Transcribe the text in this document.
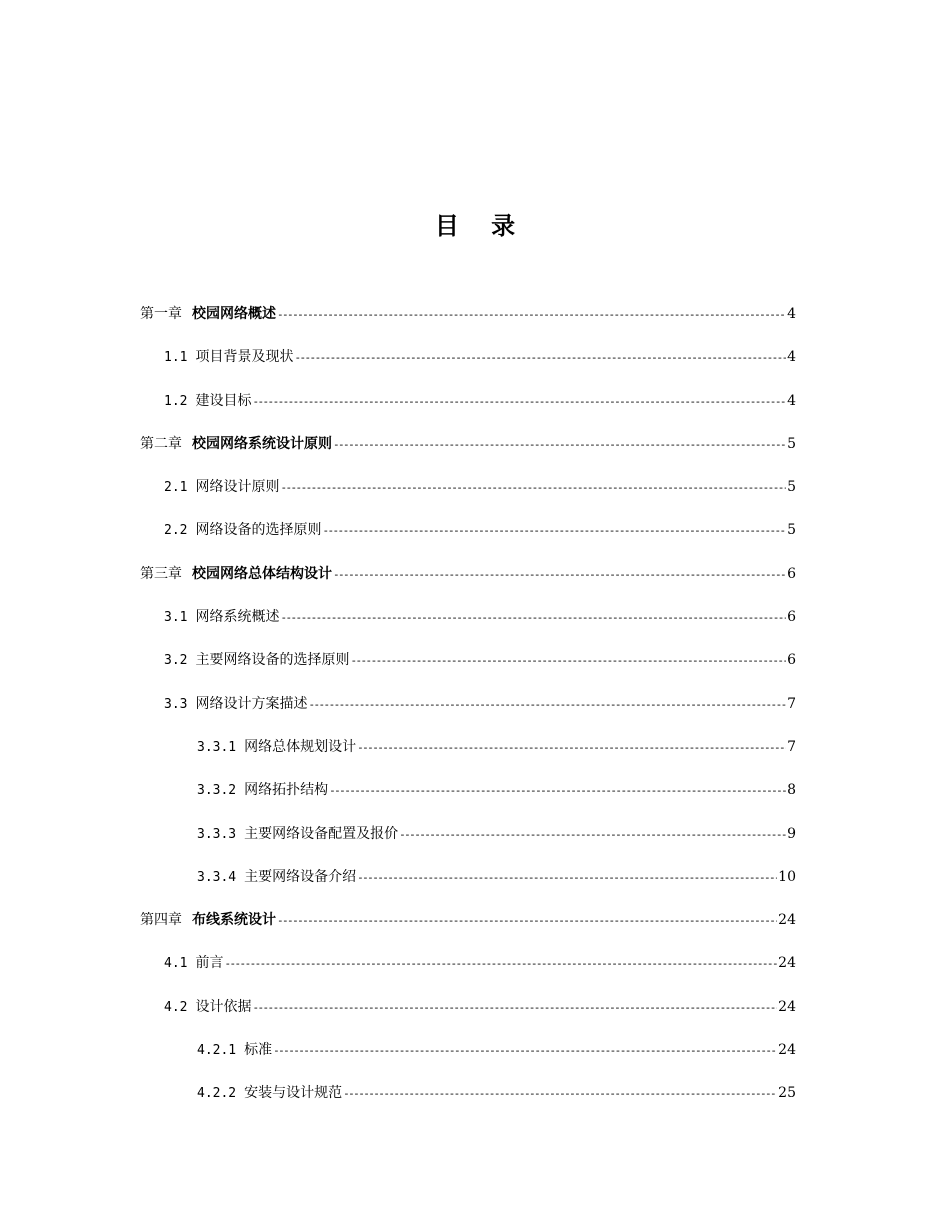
目 录
第一章 校园网络概述 -----	4
1.1 项目背景及现状 -----	4
1.2 建设目标 -----	4
第二章 校园网络系统设计原则 -----	5
2.1 网络设计原则 -----	5
2.2 网络设备的选择原则 -----	5
第三章 校园网络总体结构设计 -----	6
3.1 网络系统概述 -----	6
3.2 主要网络设备的选择原则 -----	6
3.3 网络设计方案描述 -----	7
3.3.1 网络总体规划设计 -----	7
3.3.2 网络拓扑结构 -----	8
3.3.3 主要网络设备配置及报价 -----	9
3.3.4 主要网络设备介绍 -----	10
第四章 布线系统设计 -----	24
4.1 前言 -----	24
4.2 设计依据 -----	24
4.2.1 标准 -----	24
4.2.2 安装与设计规范 -----	25
